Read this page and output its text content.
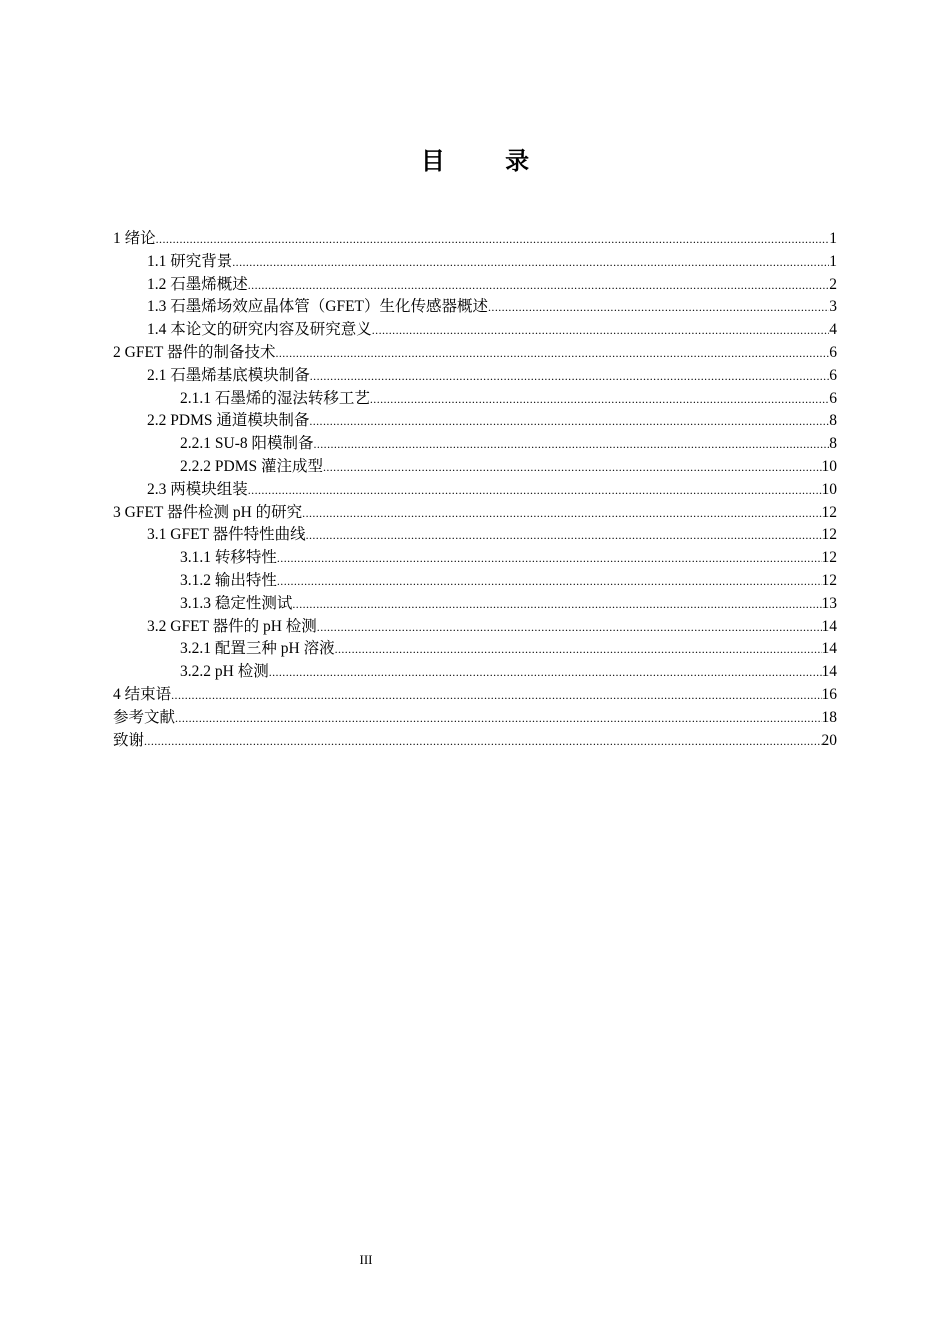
目 录
1 绪论 .....	1
1.1 研究背景 .....	1
1.2 石墨烯概述 .....	2
1.3 石墨烯场效应晶体管（GFET）生化传感器概述 .....	3
1.4 本论文的研究内容及研究意义 .....	4
2 GFET 器件的制备技术 .....	6
2.1 石墨烯基底模块制备 .....	6
2.1.1 石墨烯的湿法转移工艺 .....	6
2.2 PDMS 通道模块制备 .....	8
2.2.1 SU-8 阳模制备 .....	8
2.2.2 PDMS 灌注成型 .....	10
2.3 两模块组装 .....	10
3 GFET 器件检测 pH 的研究 .....	12
3.1 GFET 器件特性曲线 .....	12
3.1.1 转移特性 .....	12
3.1.2 输出特性 .....	12
3.1.3 稳定性测试 .....	13
3.2 GFET 器件的 pH 检测 .....	14
3.2.1 配置三种 pH 溶液 .....	14
3.2.2 pH 检测 .....	14
4 结束语 .....	16
参考文献 .....	18
致谢 .....	20
III
